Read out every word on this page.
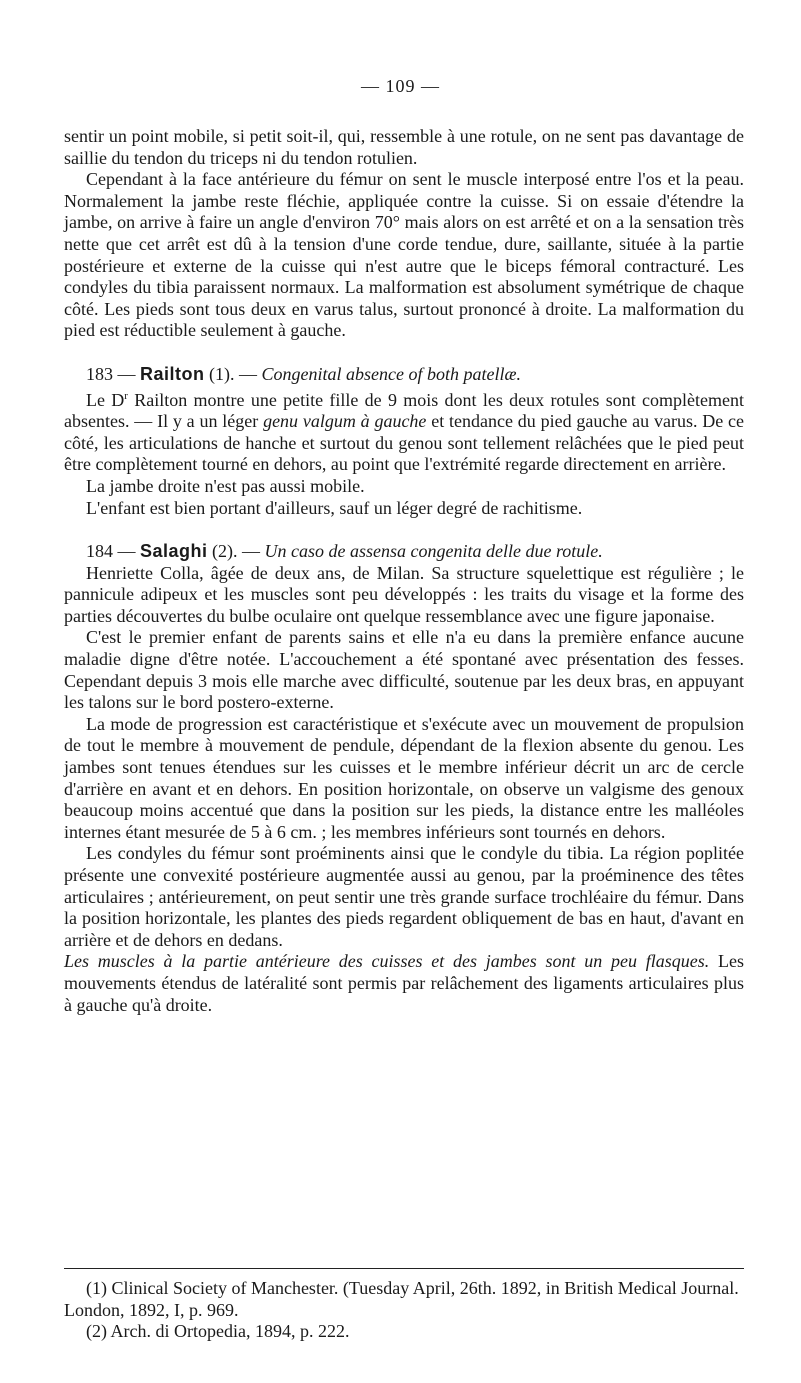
— 109 —

sentir un point mobile, si petit soit-il, qui, ressemble à une rotule, on ne sent pas davantage de saillie du tendon du triceps ni du tendon rotulien.

Cependant à la face antérieure du fémur on sent le muscle interposé entre l'os et la peau. Normalement la jambe reste fléchie, appliquée contre la cuisse. Si on essaie d'étendre la jambe, on arrive à faire un angle d'environ 70° mais alors on est arrêté et on a la sensation très nette que cet arrêt est dû à la tension d'une corde tendue, dure, saillante, située à la partie postérieure et externe de la cuisse qui n'est autre que le biceps fémoral contracturé. Les condyles du tibia paraissent normaux. La malformation est absolument symétrique de chaque côté. Les pieds sont tous deux en varus talus, surtout prononcé à droite. La malformation du pied est réductible seulement à gauche.

183 — Railton (1). — Congenital absence of both patellæ.

Le $D^r$ Railton montre une petite fille de 9 mois dont les deux rotules sont complètement absentes. — Il y a un léger genu valgum à gauche et tendance du pied gauche au varus. De ce côté, les articulations de hanche et surtout du genou sont tellement relâchées que le pied peut être complètement tourné en dehors, au point que l'extrémité regarde directement en arrière.

La jambe droite n'est pas aussi mobile.

L'enfant est bien portant d'ailleurs, sauf un léger degré de rachitisme.

184 — Salaghi (2). — Un caso de assensa congenita delle due rotule.

Henriette Colla, âgée de deux ans, de Milan. Sa structure squelettique est régulière ; le pannicule adipeux et les muscles sont peu développés : les traits du visage et la forme des parties découvertes du bulbe oculaire ont quelque ressemblance avec une figure japonaise.

C'est le premier enfant de parents sains et elle n'a eu dans la première enfance aucune maladie digne d'être notée. L'accouchement a été spontané avec présentation des fesses. Cependant depuis 3 mois elle marche avec difficulté, soutenue par les deux bras, en appuyant les talons sur le bord postero-externe.

La mode de progression est caractéristique et s'exécute avec un mouvement de propulsion de tout le membre à mouvement de pendule, dépendant de la flexion absente du genou. Les jambes sont tenues étendues sur les cuisses et le membre inférieur décrit un arc de cercle d'arrière en avant et en dehors. En position horizontale, on observe un valgisme des genoux beaucoup moins accentué que dans la position sur les pieds, la distance entre les malléoles internes étant mesurée de 5 à 6 cm. ; les membres inférieurs sont tournés en dehors.

Les condyles du fémur sont proéminents ainsi que le condyle du tibia. La région poplitée présente une convexité postérieure augmentée aussi au genou, par la proéminence des têtes articulaires ; antérieurement, on peut sentir une très grande surface trochléaire du fémur. Dans la position horizontale, les plantes des pieds regardent obliquement de bas en haut, d'avant en arrière et de dehors en dedans.

Les muscles à la partie antérieure des cuisses et des jambes sont un peu flasques. Les mouvements étendus de latéralité sont permis par relâchement des ligaments articulaires plus à gauche qu'à droite.

(1) Clinical Society of Manchester. (Tuesday April, 26th. 1892, in British Medical Journal. London, 1892, I, p. 969.

(2) Arch. di Ortopedia, 1894, p. 222.
